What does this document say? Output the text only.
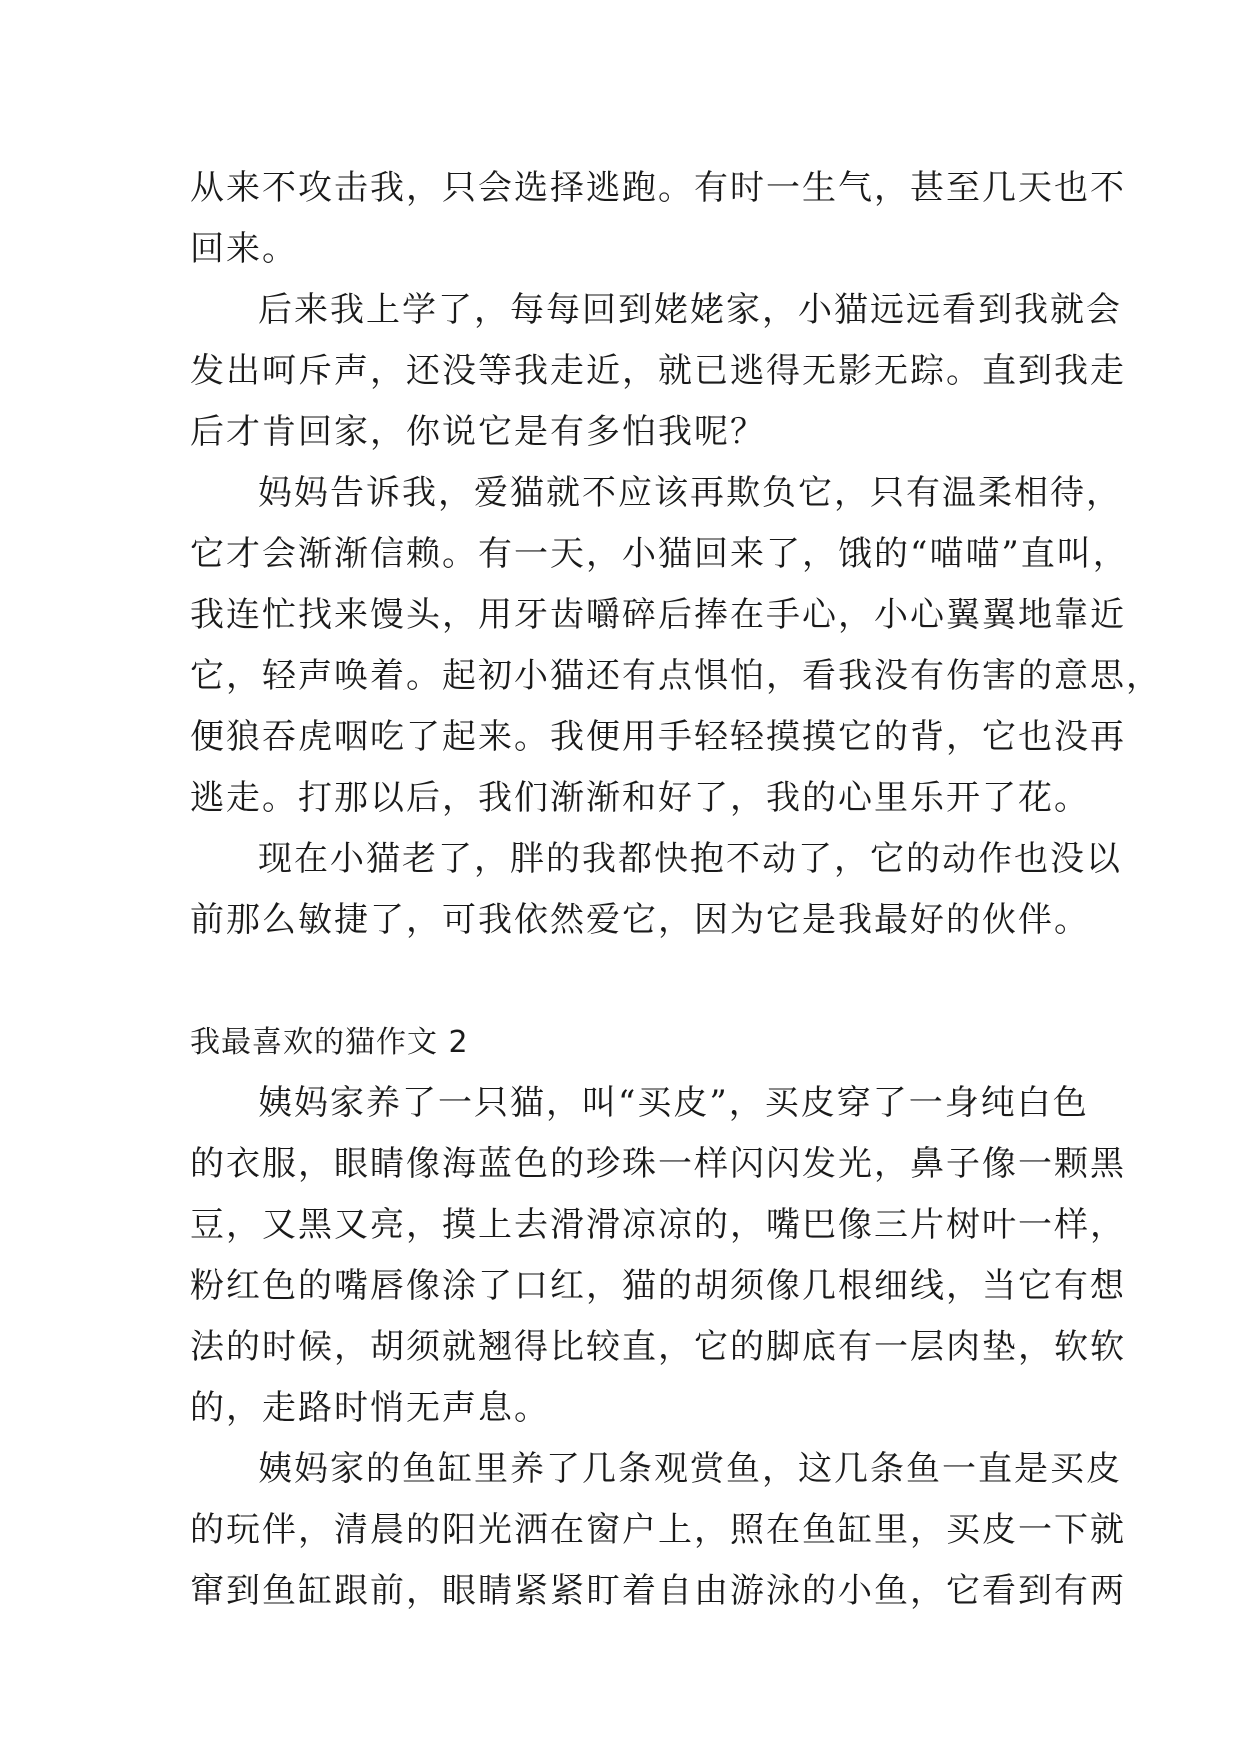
从来不攻击我，只会选择逃跑。有时一生气，甚至几天也不
回来。
后来我上学了，每每回到姥姥家，小猫远远看到我就会
发出呵斥声，还没等我走近，就已逃得无影无踪。直到我走
后才肯回家，你说它是有多怕我呢？
妈妈告诉我，爱猫就不应该再欺负它，只有温柔相待，
它才会渐渐信赖。有一天，小猫回来了，饿的“喵喵”直叫，
我连忙找来馒头，用牙齿嚼碎后捧在手心，小心翼翼地靠近
它，轻声唤着。起初小猫还有点惧怕，看我没有伤害的意思，
便狼吞虎咽吃了起来。我便用手轻轻摸摸它的背，它也没再
逃走。打那以后，我们渐渐和好了，我的心里乐开了花。
现在小猫老了，胖的我都快抱不动了，它的动作也没以
前那么敏捷了，可我依然爱它，因为它是我最好的伙伴。
我最喜欢的猫作文 2
姨妈家养了一只猫，叫“买皮”，买皮穿了一身纯白色
的衣服，眼睛像海蓝色的珍珠一样闪闪发光，鼻子像一颗黑
豆，又黑又亮，摸上去滑滑凉凉的，嘴巴像三片树叶一样，
粉红色的嘴唇像涂了口红，猫的胡须像几根细线，当它有想
法的时候，胡须就翘得比较直，它的脚底有一层肉垫，软软
的，走路时悄无声息。
姨妈家的鱼缸里养了几条观赏鱼，这几条鱼一直是买皮
的玩伴，清晨的阳光洒在窗户上，照在鱼缸里，买皮一下就
窜到鱼缸跟前，眼睛紧紧盯着自由游泳的小鱼，它看到有两
